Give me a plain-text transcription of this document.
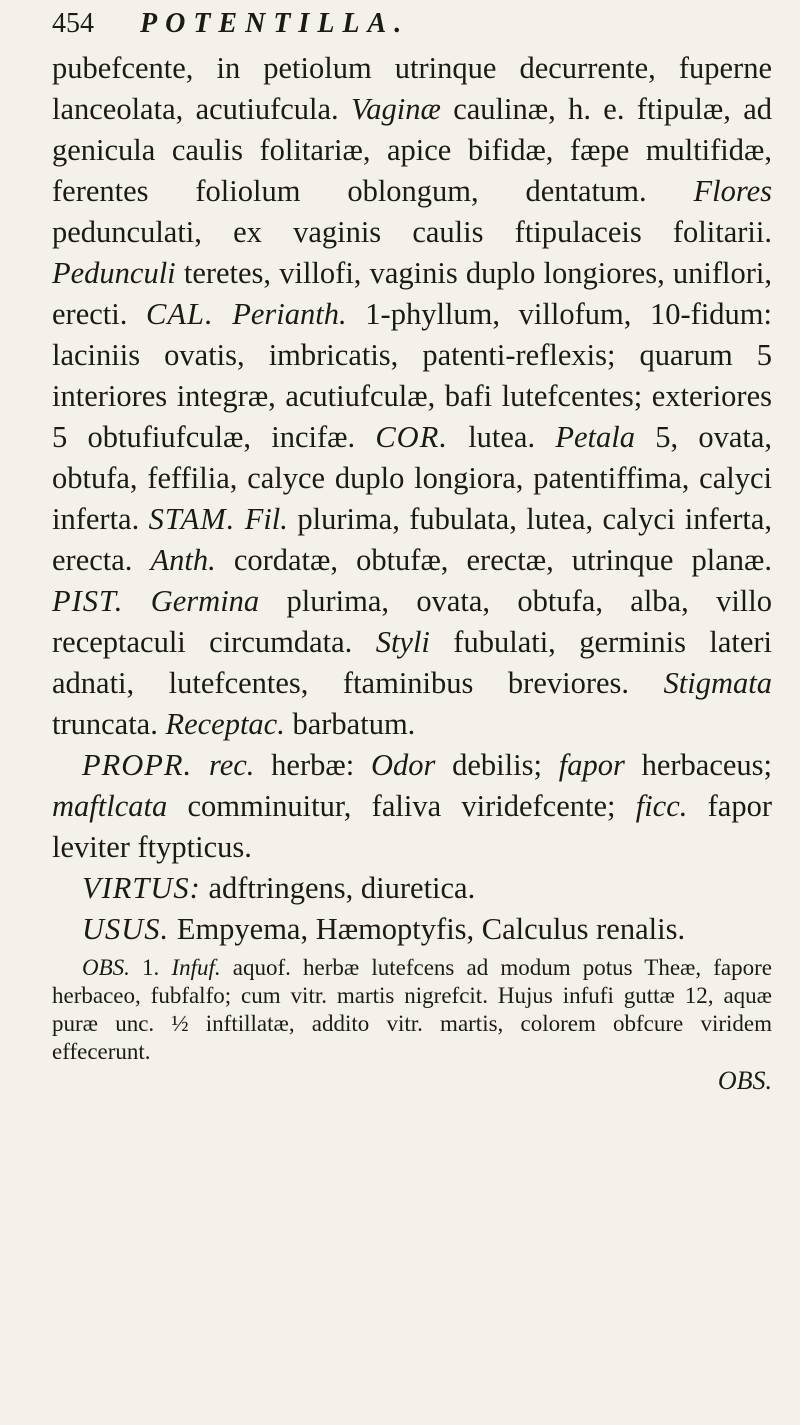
454 POTENTILLA.

pubefcente, in petiolum utrinque decurrente, fuperne lanceolata, acutiufcula. Vaginæ caulinæ, h. e. ftipulæ, ad genicula caulis folitariæ, apice bifidæ, fæpe multifidæ, ferentes foliolum oblongum, dentatum. Flores pedunculati, ex vaginis caulis ftipulaceis folitarii. Pedunculi teretes, villofi, vaginis duplo longiores, uniflori, erecti. CAL. Perianth. 1-phyllum, villofum, 10-fidum: laciniis ovatis, imbricatis, patenti-reflexis; quarum 5 interiores integræ, acutiufculæ, bafi lutefcentes; exteriores 5 obtufiufculæ, incifæ. COR. lutea. Petala 5, ovata, obtufa, feffilia, calyce duplo longiora, patentiffima, calyci inferta. STAM. Fil. plurima, fubulata, lutea, calyci inferta, erecta. Anth. cordatæ, obtufæ, erectæ, utrinque planæ. PIST. Germina plurima, ovata, obtufa, alba, villo receptaculi circumdata. Styli fubulati, germinis lateri adnati, lutefcentes, ftaminibus breviores. Stigmata truncata. Receptac. barbatum.

PROPR. rec. herbæ: Odor debilis; fapor herbaceus; maftlcata comminuitur, faliva viridefcente; ficc. fapor leviter ftypticus.

VIRTUS: adftringens, diuretica.

USUS. Empyema, Hæmoptyfis, Calculus renalis.

OBS. 1. Infuf. aquof. herbæ lutefcens ad modum potus Theæ, fapore herbaceo, fubfalfo; cum vitr. martis nigrefcit. Hujus infufi guttæ 12, aquæ puræ unc. ½ inftillatæ, addito vitr. martis, colorem obfcure viridem effecerunt.

OBS.
